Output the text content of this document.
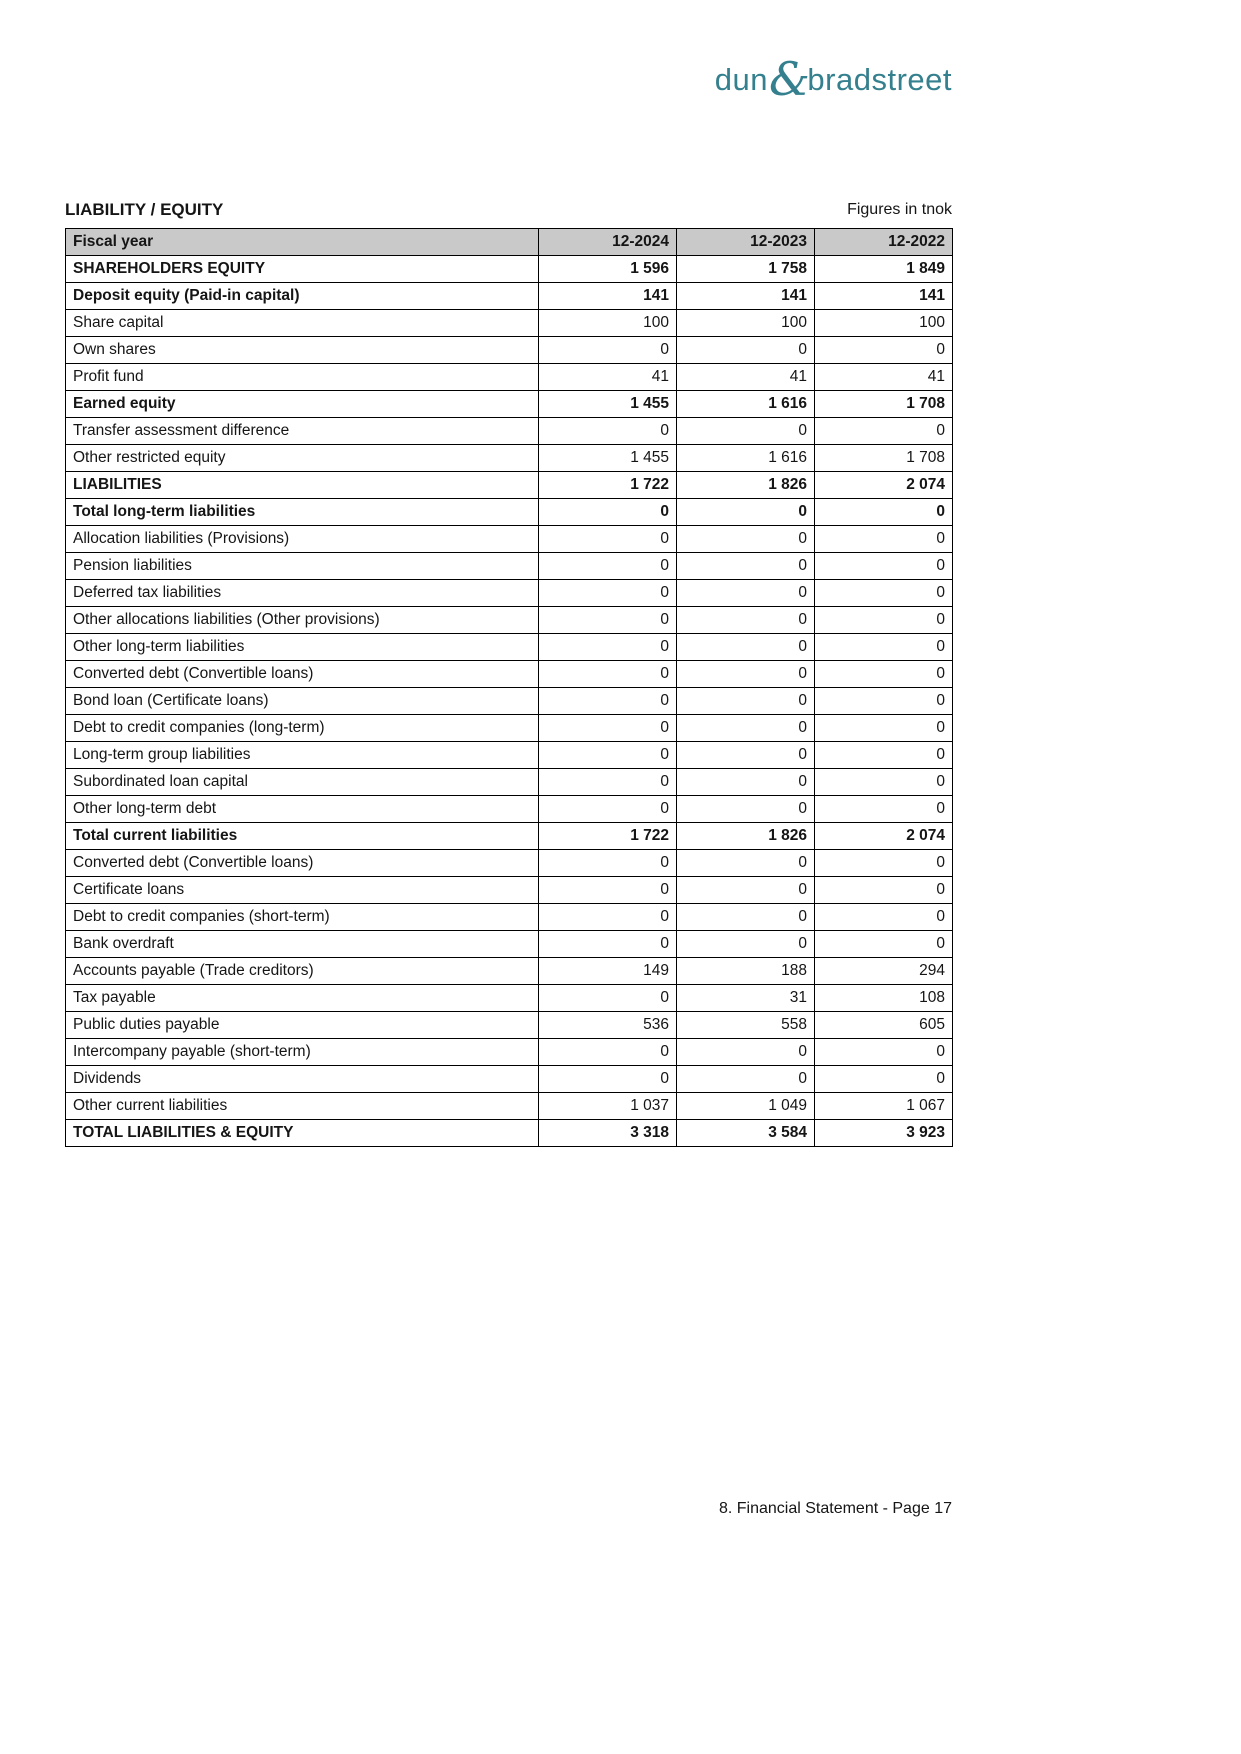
dun &
bradstreet
LIABILITY / EQUITY	Figures in tnok
Fiscal year	12-2024	12-2023	12-2022
SHAREHOLDERS EQUITY	1 596	1 758	1 849
Deposit equity (Paid-in capital)	141	141	141
Share capital	100	100	100
Own shares	0	0	0
Profit fund	41	41	41
Earned equity	1 455	1 616	1 708
Transfer assessment difference	0	0	0
Other restricted equity	1 455	1 616	1 708
LIABILITIES	1 722	1 826	2 074
Total long-term liabilities	0	0	0
Allocation liabilities (Provisions)	0	0	0
Pension liabilities	0	0	0
Deferred tax liabilities	0	0	0
Other allocations liabilities (Other provisions)	0	0	0
Other long-term liabilities	0	0	0
Converted debt (Convertible loans)	0	0	0
Bond loan (Certificate loans)	0	0	0
Debt to credit companies (long-term)	0	0	0
Long-term group liabilities	0	0	0
Subordinated loan capital	0	0	0
Other long-term debt	0	0	0
Total current liabilities	1 722	1 826	2 074
Converted debt (Convertible loans)	0	0	0
Certificate loans	0	0	0
Debt to credit companies (short-term)	0	0	0
Bank overdraft	0	0	0
Accounts payable (Trade creditors)	149	188	294
Tax payable	0	31	108
Public duties payable	536	558	605
Intercompany payable (short-term)	0	0	0
Dividends	0	0	0
Other current liabilities	1 037	1 049	1 067
TOTAL LIABILITIES & EQUITY	3 318	3 584	3 923
8. Financial Statement - Page 17
